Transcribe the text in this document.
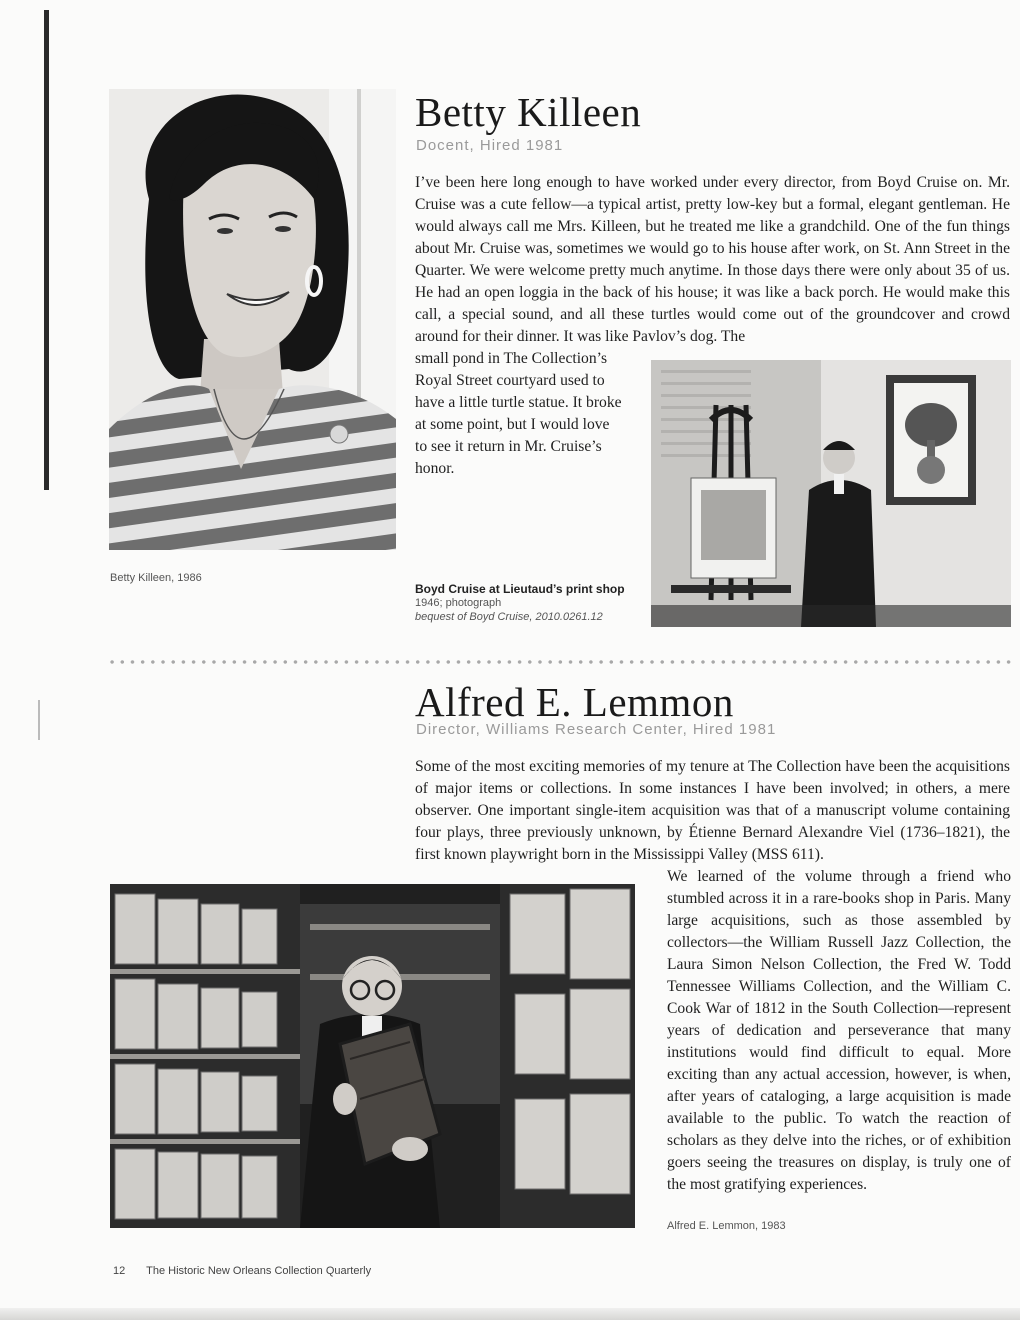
Betty Killeen, 1986

Betty Killeen

Docent, Hired 1981

I’ve been here long enough to have worked under every director, from Boyd Cruise on. Mr. Cruise was a cute fellow—a typical artist, pretty low-key but a formal, elegant gentleman. He would always call me Mrs. Killeen, but he treated me like a grandchild. One of the fun things about Mr. Cruise was, sometimes we would go to his house after work, on St. Ann Street in the Quarter. We were welcome pretty much anytime. In those days there were only about 35 of us. He had an open loggia in the back of his house; it was like a back porch. He would make this call, a special sound, and all these turtles would come out of the groundcover and crowd around for their dinner. It was like Pavlov’s dog. The

small pond in The Collection’s Royal Street courtyard used to have a little turtle statue. It broke at some point, but I would love to see it return in Mr. Cruise’s honor.

Boyd Cruise at Lieutaud’s print shop
1946; photograph
bequest of Boyd Cruise, 2010.0261.12
Alfred E. Lemmon

Director, Williams Research Center, Hired 1981

Some of the most exciting memories of my tenure at The Collection have been the acquisitions of major items or collections. In some instances I have been involved; in others, a mere observer. One important single-item acquisition was that of a manuscript volume containing four plays, three previously unknown, by Étienne Bernard Alexandre Viel (1736–1821), the first known playwright born in the Mississippi Valley (MSS 611).

We learned of the volume through a friend who stumbled across it in a rare-books shop in Paris. Many large acquisitions, such as those assembled by collectors—the William Russell Jazz Collection, the Laura Simon Nelson Collection, the Fred W. Todd Tennessee Williams Collection, and the William C. Cook War of 1812 in the South Collection—represent years of dedication and perseverance that many institutions would find difficult to equal. More exciting than any actual accession, however, is when, after years of cataloging, a large acquisition is made available to the public. To watch the reaction of scholars as they delve into the riches, or of exhibition goers seeing the treasures on display, is truly one of the most gratifying experiences.

Alfred E. Lemmon, 1983

12 The Historic New Orleans Collection Quarterly
